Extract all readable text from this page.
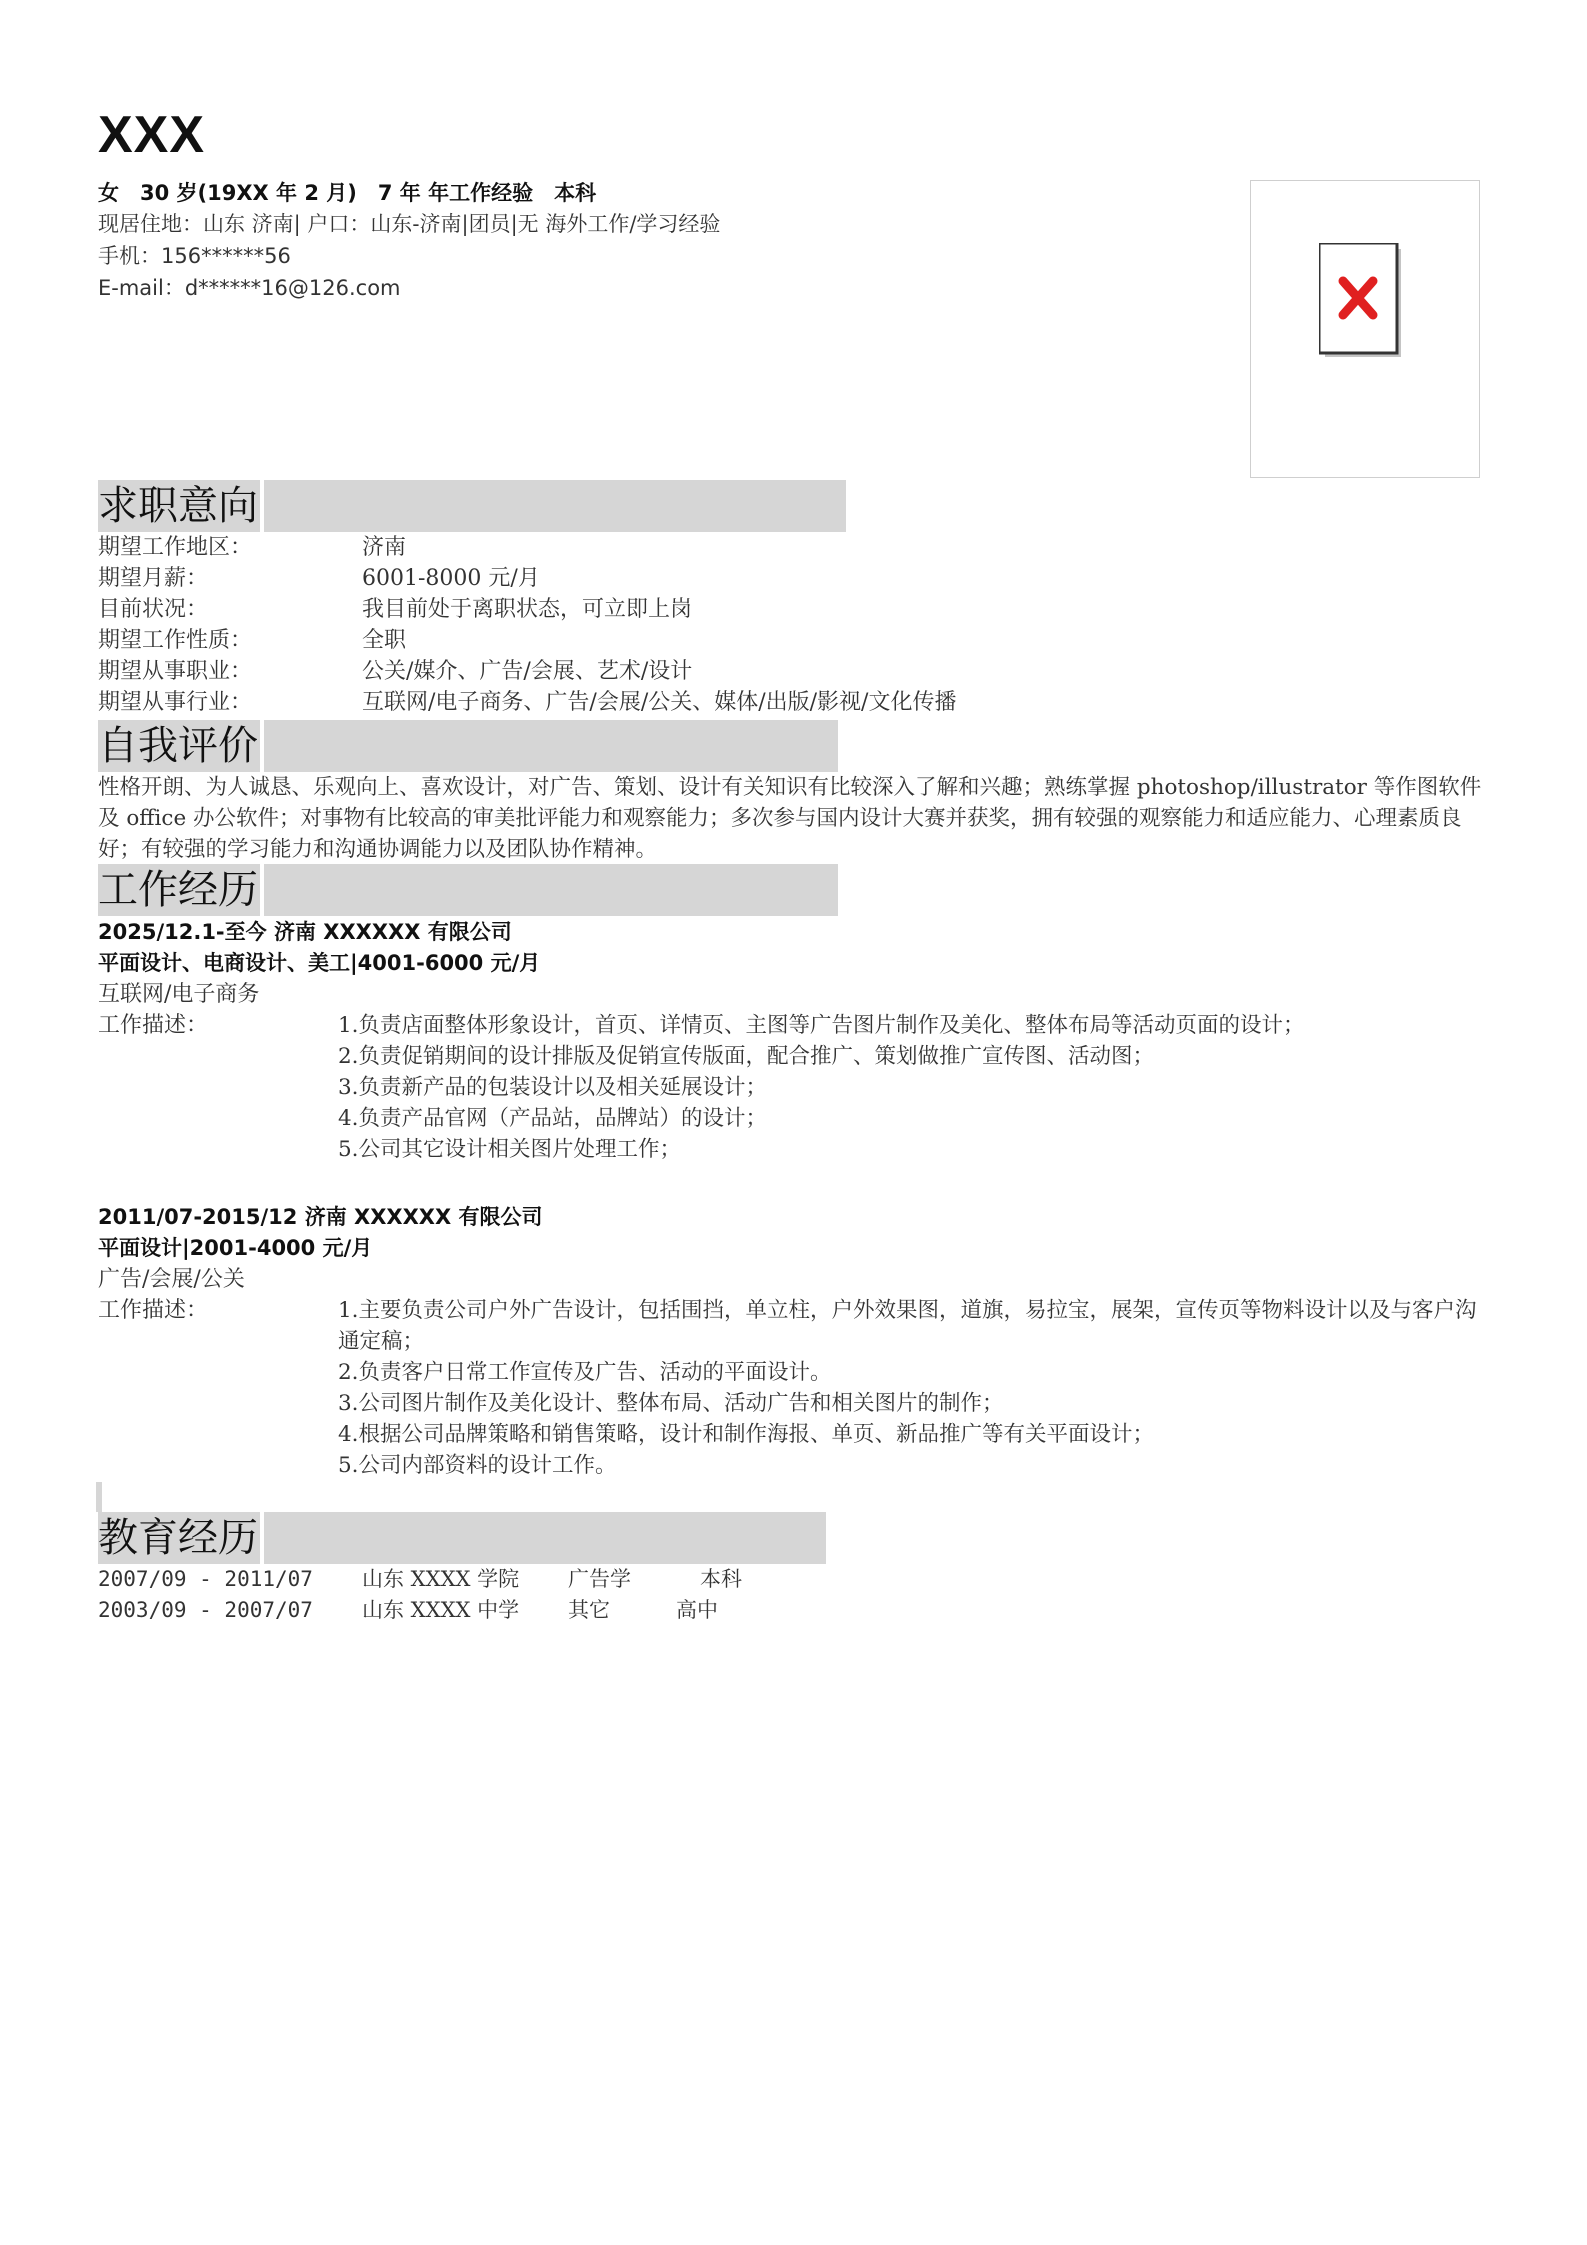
XXX
女　30 岁(19XX 年 2 月)　7 年 年工作经验　本科
现居住地：山东 济南| 户口：山东-济南|团员|无 海外工作/学习经验
手机：156******56
E-mail：d******16@126.com
求职意向
期望工作地区：	济南
期望月薪：	6001-8000 元/月
目前状况：	我目前处于离职状态，可立即上岗
期望工作性质：	全职
期望从事职业：	公关/媒介、广告/会展、艺术/设计
期望从事行业：	互联网/电子商务、广告/会展/公关、媒体/出版/影视/文化传播
自我评价
性格开朗、为人诚恳、乐观向上、喜欢设计，对广告、策划、设计有关知识有比较深入了解和兴趣；熟练掌握 photoshop/illustrator 等作图软件及 office 办公软件；对事物有比较高的审美批评能力和观察能力；多次参与国内设计大赛并获奖，拥有较强的观察能力和适应能力、心理素质良好；有较强的学习能力和沟通协调能力以及团队协作精神。
工作经历
2025/12.1-至今 济南 XXXXXX 有限公司
平面设计、电商设计、美工|4001-6000 元/月
互联网/电子商务
工作描述：	1.负责店面整体形象设计，首页、详情页、主图等广告图片制作及美化、整体布局等活动页面的设计；
2.负责促销期间的设计排版及促销宣传版面，配合推广、策划做推广宣传图、活动图；
3.负责新产品的包装设计以及相关延展设计；
4.负责产品官网（产品站，品牌站）的设计；
5.公司其它设计相关图片处理工作；
2011/07-2015/12 济南 XXXXXX 有限公司
平面设计|2001-4000 元/月
广告/会展/公关
工作描述：	1.主要负责公司户外广告设计，包括围挡，单立柱，户外效果图，道旗，易拉宝，展架，宣传页等物料设计以及与客户沟通定稿；
2.负责客户日常工作宣传及广告、活动的平面设计。
3.公司图片制作及美化设计、整体布局、活动广告和相关图片的制作；
4.根据公司品牌策略和销售策略，设计和制作海报、单页、新品推广等有关平面设计；
5.公司内部资料的设计工作。
教育经历
2007/09 - 2011/07 山东 XXXX 学院 广告学	本科
2003/09 - 2007/07 山东 XXXX 中学 其它	高中
